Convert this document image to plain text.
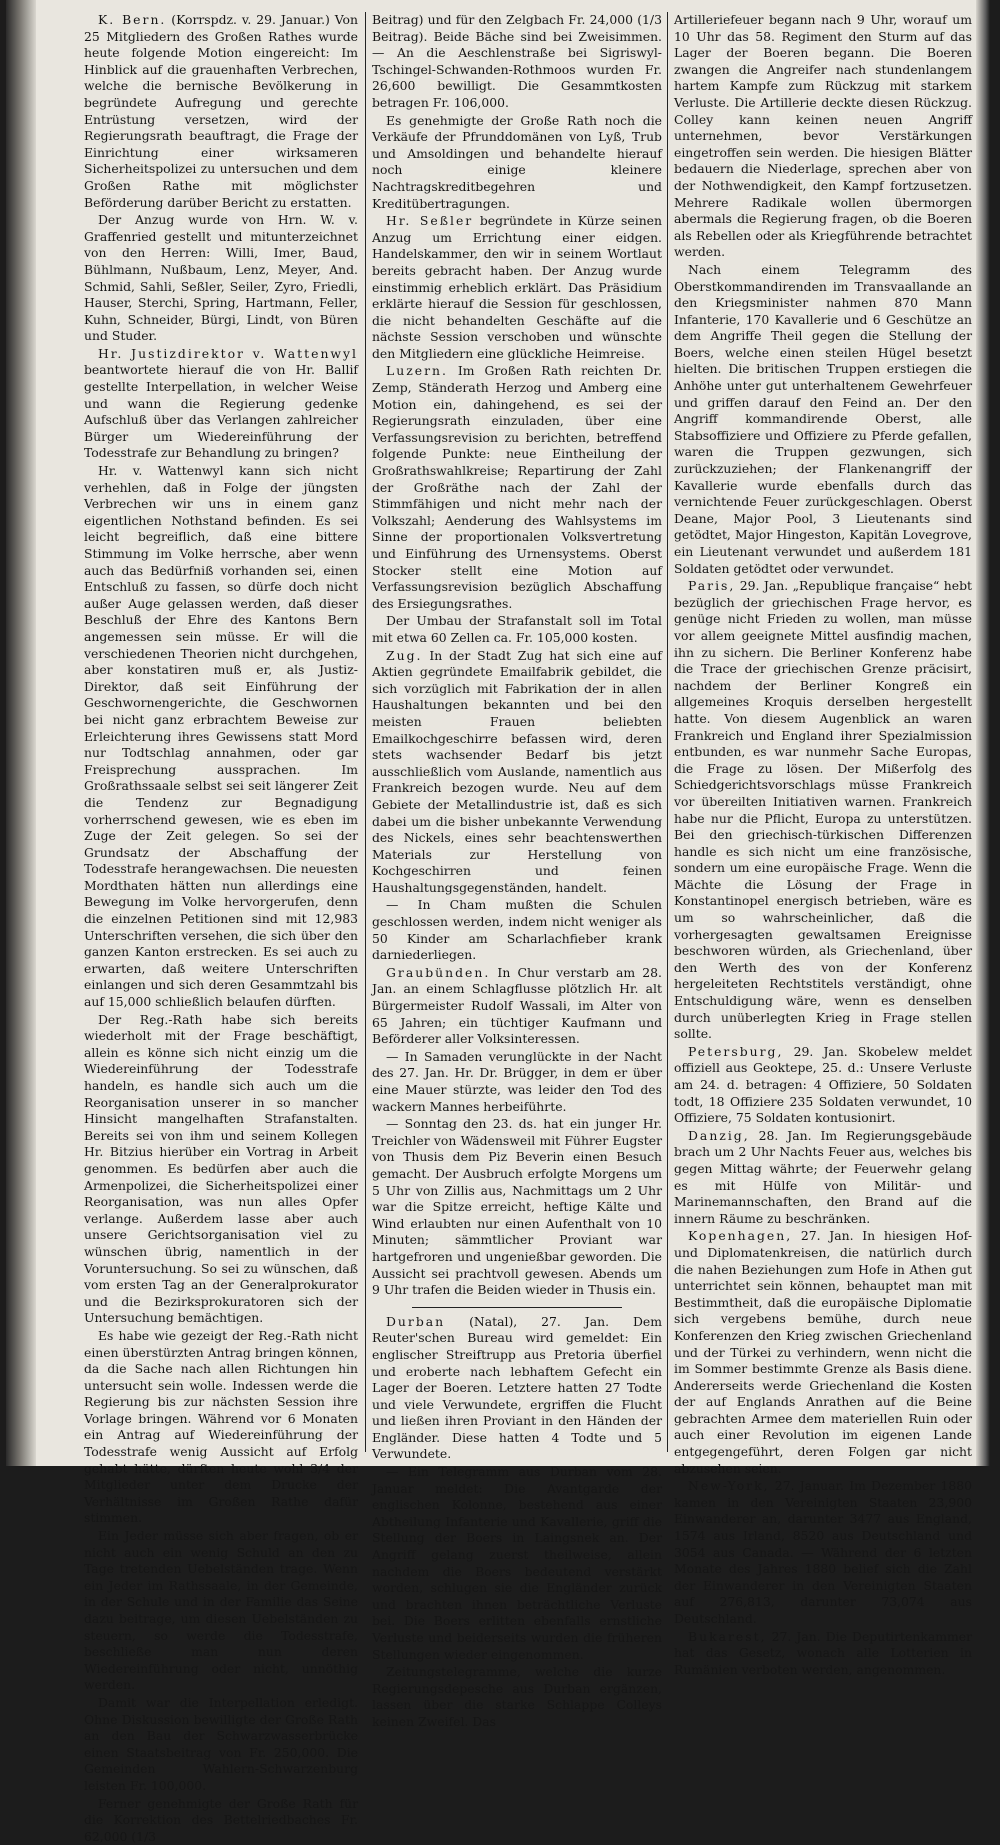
K. Bern. (Korrspdz. v. 29. Januar.) Von 25 Mitgliedern des Großen Rathes wurde heute folgende Motion eingereicht: Im Hinblick auf die grauenhaften Verbrechen, welche die bernische Bevölkerung in begründete Aufregung und gerechte Entrüstung versetzen, wird der Regierungsrath beauftragt, die Frage der Einrichtung einer wirksameren Sicherheitspolizei zu untersuchen und dem Großen Rathe mit möglichster Beförderung darüber Bericht zu erstatten.

Der Anzug wurde von Hrn. W. v. Graffenried gestellt und mitunterzeichnet von den Herren: Willi, Imer, Baud, Bühlmann, Nußbaum, Lenz, Meyer, And. Schmid, Sahli, Seßler, Seiler, Zyro, Friedli, Hauser, Sterchi, Spring, Hartmann, Feller, Kuhn, Schneider, Bürgi, Lindt, von Büren und Studer.

Hr. Justizdirektor v. Wattenwyl beantwortete hierauf die von Hr. Ballif gestellte Interpellation, in welcher Weise und wann die Regierung gedenke Aufschluß über das Verlangen zahlreicher Bürger um Wiedereinführung der Todesstrafe zur Behandlung zu bringen?

Hr. v. Wattenwyl kann sich nicht verhehlen, daß in Folge der jüngsten Verbrechen wir uns in einem ganz eigentlichen Nothstand befinden. Es sei leicht begreiflich, daß eine bittere Stimmung im Volke herrsche, aber wenn auch das Bedürfniß vorhanden sei, einen Entschluß zu fassen, so dürfe doch nicht außer Auge gelassen werden, daß dieser Beschluß der Ehre des Kantons Bern angemessen sein müsse. Er will die verschiedenen Theorien nicht durchgehen, aber konstatiren muß er, als Justiz-Direktor, daß seit Einführung der Geschwornengerichte, die Geschwornen bei nicht ganz erbrachtem Beweise zur Erleichterung ihres Gewissens statt Mord nur Todtschlag annahmen, oder gar Freisprechung aussprachen. Im Großrathssaale selbst sei seit längerer Zeit die Tendenz zur Begnadigung vorherrschend gewesen, wie es eben im Zuge der Zeit gelegen. So sei der Grundsatz der Abschaffung der Todesstrafe herangewachsen. Die neuesten Mordthaten hätten nun allerdings eine Bewegung im Volke hervorgerufen, denn die einzelnen Petitionen sind mit 12,983 Unterschriften versehen, die sich über den ganzen Kanton erstrecken. Es sei auch zu erwarten, daß weitere Unterschriften einlangen und sich deren Gesammtzahl bis auf 15,000 schließlich belaufen dürften.

Der Reg.-Rath habe sich bereits wiederholt mit der Frage beschäftigt, allein es könne sich nicht einzig um die Wiedereinführung der Todesstrafe handeln, es handle sich auch um die Reorganisation unserer in so mancher Hinsicht mangelhaften Strafanstalten. Bereits sei von ihm und seinem Kollegen Hr. Bitzius hierüber ein Vortrag in Arbeit genommen. Es bedürfen aber auch die Armenpolizei, die Sicherheitspolizei einer Reorganisation, was nun alles Opfer verlange. Außerdem lasse aber auch unsere Gerichtsorganisation viel zu wünschen übrig, namentlich in der Voruntersuchung. So sei zu wünschen, daß vom ersten Tag an der Generalprokurator und die Bezirksprokuratoren sich der Untersuchung bemächtigen.

Es habe wie gezeigt der Reg.-Rath nicht einen überstürzten Antrag bringen können, da die Sache nach allen Richtungen hin untersucht sein wolle. Indessen werde die Regierung bis zur nächsten Session ihre Vorlage bringen. Während vor 6 Monaten ein Antrag auf Wiedereinführung der Todesstrafe wenig Aussicht auf Erfolg gehabt hätte, dürften heute wohl 3/4 der Mitglieder unter dem Drucke der Verhältnisse im Großen Rathe dafür stimmen.

Ein Jeder müsse sich aber fragen, ob er nicht auch ein wenig Schuld an den zu Tage tretenden Uebelständen trage. Wenn ein Jeder im Rathssaale, in der Gemeinde, in der Schule und in der Familie das Seine dazu beitrage, um diesen Uebelständen zu steuern, so werde die Todesstrafe, beschließe man nun deren Wiedereinführung oder nicht, unnöthig werden.

Damit war die Interpellation erledigt. Ohne Diskussion bewilligte der Große Rath an den Bau der Schwarzwasserbrücke einen Staatsbeitrag von Fr. 250,000. Die Gemeinden Wahlern-Schwarzenburg leisten Fr. 100,000.

Ferner genehmigte der Große Rath für die Korrektion des Bettelriedbaches Fr. 62,000 (1/3

Beitrag) und für den Zelgbach Fr. 24,000 (1/3 Beitrag). Beide Bäche sind bei Zweisimmen. — An die Aeschlenstraße bei Sigriswyl-Tschingel-Schwanden-Rothmoos wurden Fr. 26,600 bewilligt. Die Gesammtkosten betragen Fr. 106,000.

Es genehmigte der Große Rath noch die Verkäufe der Pfrunddomänen von Lyß, Trub und Amsoldingen und behandelte hierauf noch einige kleinere Nachtragskreditbegehren und Kreditübertragungen.

Hr. Seßler begründete in Kürze seinen Anzug um Errichtung einer eidgen. Handelskammer, den wir in seinem Wortlaut bereits gebracht haben. Der Anzug wurde einstimmig erheblich erklärt. Das Präsidium erklärte hierauf die Session für geschlossen, die nicht behandelten Geschäfte auf die nächste Session verschoben und wünschte den Mitgliedern eine glückliche Heimreise.

Luzern. Im Großen Rath reichten Dr. Zemp, Ständerath Herzog und Amberg eine Motion ein, dahingehend, es sei der Regierungsrath einzuladen, über eine Verfassungsrevision zu berichten, betreffend folgende Punkte: neue Eintheilung der Großrathswahlkreise; Repartirung der Zahl der Großräthe nach der Zahl der Stimmfähigen und nicht mehr nach der Volkszahl; Aenderung des Wahlsystems im Sinne der proportionalen Volksvertretung und Einführung des Urnensystems. Oberst Stocker stellt eine Motion auf Verfassungsrevision bezüglich Abschaffung des Ersiegungsrathes.

Der Umbau der Strafanstalt soll im Total mit etwa 60 Zellen ca. Fr. 105,000 kosten.

Zug. In der Stadt Zug hat sich eine auf Aktien gegründete Emailfabrik gebildet, die sich vorzüglich mit Fabrikation der in allen Haushaltungen bekannten und bei den meisten Frauen beliebten Emailkochgeschirre befassen wird, deren stets wachsender Bedarf bis jetzt ausschließlich vom Auslande, namentlich aus Frankreich bezogen wurde. Neu auf dem Gebiete der Metallindustrie ist, daß es sich dabei um die bisher unbekannte Verwendung des Nickels, eines sehr beachtenswerthen Materials zur Herstellung von Kochgeschirren und feinen Haushaltungsgegenständen, handelt.

— In Cham mußten die Schulen geschlossen werden, indem nicht weniger als 50 Kinder am Scharlachfieber krank darniederliegen.

Graubünden. In Chur verstarb am 28. Jan. an einem Schlagflusse plötzlich Hr. alt Bürgermeister Rudolf Wassali, im Alter von 65 Jahren; ein tüchtiger Kaufmann und Beförderer aller Volksinteressen.

— In Samaden verunglückte in der Nacht des 27. Jan. Hr. Dr. Brügger, in dem er über eine Mauer stürzte, was leider den Tod des wackern Mannes herbeiführte.

— Sonntag den 23. ds. hat ein junger Hr. Treichler von Wädensweil mit Führer Eugster von Thusis dem Piz Beverin einen Besuch gemacht. Der Ausbruch erfolgte Morgens um 5 Uhr von Zillis aus, Nachmittags um 2 Uhr war die Spitze erreicht, heftige Kälte und Wind erlaubten nur einen Aufenthalt von 10 Minuten; sämmtlicher Proviant war hartgefroren und ungenießbar geworden. Die Aussicht sei prachtvoll gewesen. Abends um 9 Uhr trafen die Beiden wieder in Thusis ein.

Durban (Natal), 27. Jan. Dem Reuter'schen Bureau wird gemeldet: Ein englischer Streiftrupp aus Pretoria überfiel und eroberte nach lebhaftem Gefecht ein Lager der Boeren. Letztere hatten 27 Todte und viele Verwundete, ergriffen die Flucht und ließen ihren Proviant in den Händen der Engländer. Diese hatten 4 Todte und 5 Verwundete.

— Ein Telegramm aus Durban vom 28. Januar meldet: Die Avantgarde der englischen Kolonne, bestehend aus einer Abtheilung Infanterie und Kavallerie, griff die Stellung der Boers in Laingsnek an. Der Angriff gelang zuerst theilweise, allein nachdem die Boers bedeutend verstärkt worden, schlugen sie die Engländer zurück und brachten ihnen beträchtliche Verluste bei. Die Boers erlitten ebenfalls ernstliche Verluste und beiderseits wurden die früheren Stellungen wieder eingenommen.

Zeitungstelegramme, welche die kurze Regierungsdepesche aus Durban ergänzen, lassen über die starke Schlappe Colleys keinen Zweifel. Das

Artilleriefeuer begann nach 9 Uhr, worauf um 10 Uhr das 58. Regiment den Sturm auf das Lager der Boeren begann. Die Boeren zwangen die Angreifer nach stundenlangem hartem Kampfe zum Rückzug mit starkem Verluste. Die Artillerie deckte diesen Rückzug. Colley kann keinen neuen Angriff unternehmen, bevor Verstärkungen eingetroffen sein werden. Die hiesigen Blätter bedauern die Niederlage, sprechen aber von der Nothwendigkeit, den Kampf fortzusetzen. Mehrere Radikale wollen übermorgen abermals die Regierung fragen, ob die Boeren als Rebellen oder als Kriegführende betrachtet werden.

Nach einem Telegramm des Oberstkommandirenden im Transvaallande an den Kriegsminister nahmen 870 Mann Infanterie, 170 Kavallerie und 6 Geschütze an dem Angriffe Theil gegen die Stellung der Boers, welche einen steilen Hügel besetzt hielten. Die britischen Truppen erstiegen die Anhöhe unter gut unterhaltenem Gewehrfeuer und griffen darauf den Feind an. Der den Angriff kommandirende Oberst, alle Stabsoffiziere und Offiziere zu Pferde gefallen, waren die Truppen gezwungen, sich zurückzuziehen; der Flankenangriff der Kavallerie wurde ebenfalls durch das vernichtende Feuer zurückgeschlagen. Oberst Deane, Major Pool, 3 Lieutenants sind getödtet, Major Hingeston, Kapitän Lovegrove, ein Lieutenant verwundet und außerdem 181 Soldaten getödtet oder verwundet.

Paris, 29. Jan. „Republique française“ hebt bezüglich der griechischen Frage hervor, es genüge nicht Frieden zu wollen, man müsse vor allem geeignete Mittel ausfindig machen, ihn zu sichern. Die Berliner Konferenz habe die Trace der griechischen Grenze präcisirt, nachdem der Berliner Kongreß ein allgemeines Kroquis derselben hergestellt hatte. Von diesem Augenblick an waren Frankreich und England ihrer Spezialmission entbunden, es war nunmehr Sache Europas, die Frage zu lösen. Der Mißerfolg des Schiedgerichtsvorschlags müsse Frankreich vor übereilten Initiativen warnen. Frankreich habe nur die Pflicht, Europa zu unterstützen. Bei den griechisch-türkischen Differenzen handle es sich nicht um eine französische, sondern um eine europäische Frage. Wenn die Mächte die Lösung der Frage in Konstantinopel energisch betrieben, wäre es um so wahrscheinlicher, daß die vorhergesagten gewaltsamen Ereignisse beschworen würden, als Griechenland, über den Werth des von der Konferenz hergeleiteten Rechtstitels verständigt, ohne Entschuldigung wäre, wenn es denselben durch unüberlegten Krieg in Frage stellen sollte.

Petersburg, 29. Jan. Skobelew meldet offiziell aus Geoktepe, 25. d.: Unsere Verluste am 24. d. betragen: 4 Offiziere, 50 Soldaten todt, 18 Offiziere 235 Soldaten verwundet, 10 Offiziere, 75 Soldaten kontusionirt.

Danzig, 28. Jan. Im Regierungsgebäude brach um 2 Uhr Nachts Feuer aus, welches bis gegen Mittag währte; der Feuerwehr gelang es mit Hülfe von Militär- und Marinemannschaften, den Brand auf die innern Räume zu beschränken.

Kopenhagen, 27. Jan. In hiesigen Hof- und Diplomatenkreisen, die natürlich durch die nahen Beziehungen zum Hofe in Athen gut unterrichtet sein können, behauptet man mit Bestimmtheit, daß die europäische Diplomatie sich vergebens bemühe, durch neue Konferenzen den Krieg zwischen Griechenland und der Türkei zu verhindern, wenn nicht die im Sommer bestimmte Grenze als Basis diene. Andererseits werde Griechenland die Kosten der auf Englands Anrathen auf die Beine gebrachten Armee dem materiellen Ruin oder auch einer Revolution im eigenen Lande entgegengeführt, deren Folgen gar nicht abzusehen seien.

New-York, 27. Januar. Im Dezember 1880 kamen in den Vereinigten Staaten 23,900 Einwanderer an, darunter 3477 aus England, 1574 aus Irland, 8520 aus Deutschland und 3054 aus Canada. — Während der 6 letzten Monate des Jahres 1880 belief sich die Zahl der Einwanderer in den Vereinigten Staaten auf 276,813, darunter 73,074 aus Deutschland.

Bukarest, 27. Jan. Die Deputirtenkammer hat das Gesetz, wonach alle Lotterien in Rumänien verboten werden, angenommen.
